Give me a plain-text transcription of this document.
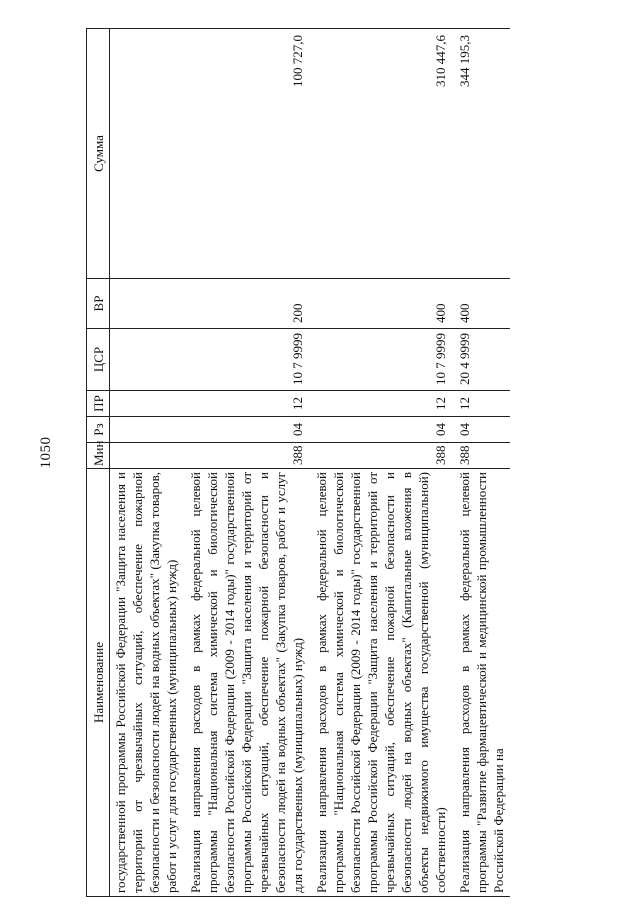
1050
Наименование	Мин	Рз	ПР	ЦСР	ВР	Сумма
государственной программы Российской Федерации "Защита населения и территорий от чрезвычайных ситуаций, обеспечение пожарной безопасности и безопасности людей на водных объектах" (Закупка товаров, работ и услуг для государственных (муниципальных) нужд)						
Реализация направления расходов в рамках федеральной целевой программы "Национальная система химической и биологической безопасности Российской Федерации (2009 - 2014 годы)" государственной программы Российской Федерации "Защита населения и территорий от чрезвычайных ситуаций, обеспечение пожарной безопасности и безопасности людей на водных объектах" (Закупка товаров, работ и услуг для государственных (муниципальных) нужд)	388	04	12	10 7 9999	200	100 727,0
Реализация направления расходов в рамках федеральной целевой программы "Национальная система химической и биологической безопасности Российской Федерации (2009 - 2014 годы)" государственной программы Российской Федерации "Защита населения и территорий от чрезвычайных ситуаций, обеспечение пожарной безопасности и безопасности людей на водных объектах" (Капитальные вложения в объекты недвижимого имущества государственной (муниципальной) собственности)	388	04	12	10 7 9999	400	310 447,6
Реализация направления расходов в рамках федеральной целевой программы "Развитие фармацевтической и медицинской промышленности Российской Федерации на	388	04	12	20 4 9999	400	344 195,3
